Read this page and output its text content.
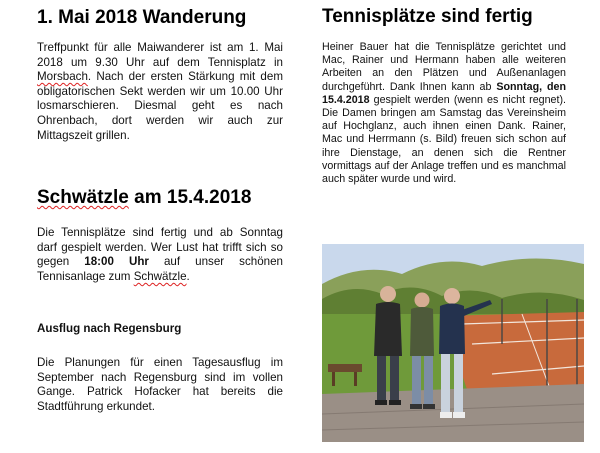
1. Mai 2018 Wanderung

Treffpunkt für alle Maiwanderer ist am 1. Mai 2018 um 9.30 Uhr auf dem Tennisplatz in Morsbach. Nach der ersten Stärkung mit dem obligatorischen Sekt werden wir um 10.00 Uhr losmarschieren. Diesmal geht es nach Ohrenbach, dort werden wir auch zur Mittagszeit grillen.

Schwätzle am 15.4.2018

Die Tennisplätze sind fertig und ab Sonntag darf gespielt werden. Wer Lust hat trifft sich so gegen 18:00 Uhr auf unser schönen Tennisanlage zum Schwätzle.

Ausflug nach Regensburg

Die Planungen für einen Tagesausflug im September nach Regensburg sind im vollen Gange. Patrick Hofacker hat bereits die Stadtführung erkundet.

Tennisplätze sind fertig

Heiner Bauer hat die Tennisplätze gerichtet und Mac, Rainer und Hermann haben alle weiteren Arbeiten an den Plätzen und Außenanlagen durchgeführt. Dank Ihnen kann ab Sonntag, den 15.4.2018 gespielt werden (wenn es nicht regnet). Die Damen bringen am Samstag das Vereinsheim auf Hochglanz, auch ihnen einen Dank. Rainer, Mac und Herrmann (s. Bild) freuen sich schon auf ihre Dienstage, an denen sich die Rentner vormittags auf der Anlage treffen und es manchmal auch später wurde und wird.
